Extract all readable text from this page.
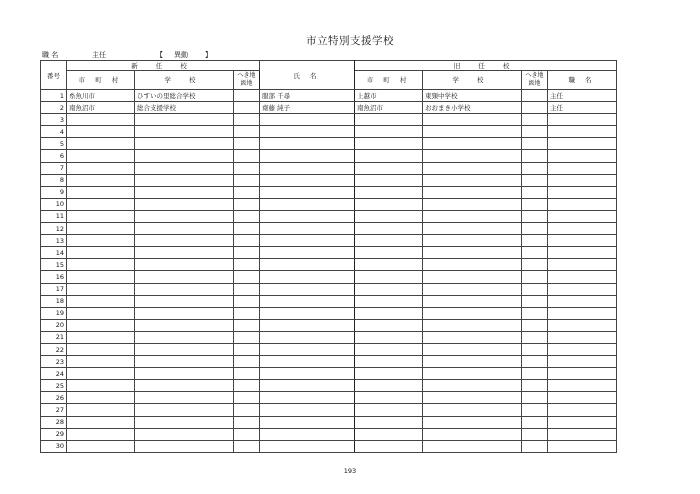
市立特別支援学校
職 名	主任	【 異動 】
番号	新 任 校			氏 名	旧 任 校			
	市 町 村	学 校	へき地級地		市 町 村	学 校	へき地級地	職 名
1	糸魚川市	ひすいの里総合学校		服部 千尋	上越市	東頸中学校		主任
2	南魚沼市	総合支援学校		齋藤 純子	南魚沼市	おおまき小学校		主任
3								
4								
5								
6								
7								
8								
9								
10								
11								
12								
13								
14								
15								
16								
17								
18								
19								
20								
21								
22								
23								
24								
25								
26								
27								
28								
29								
30								
193
